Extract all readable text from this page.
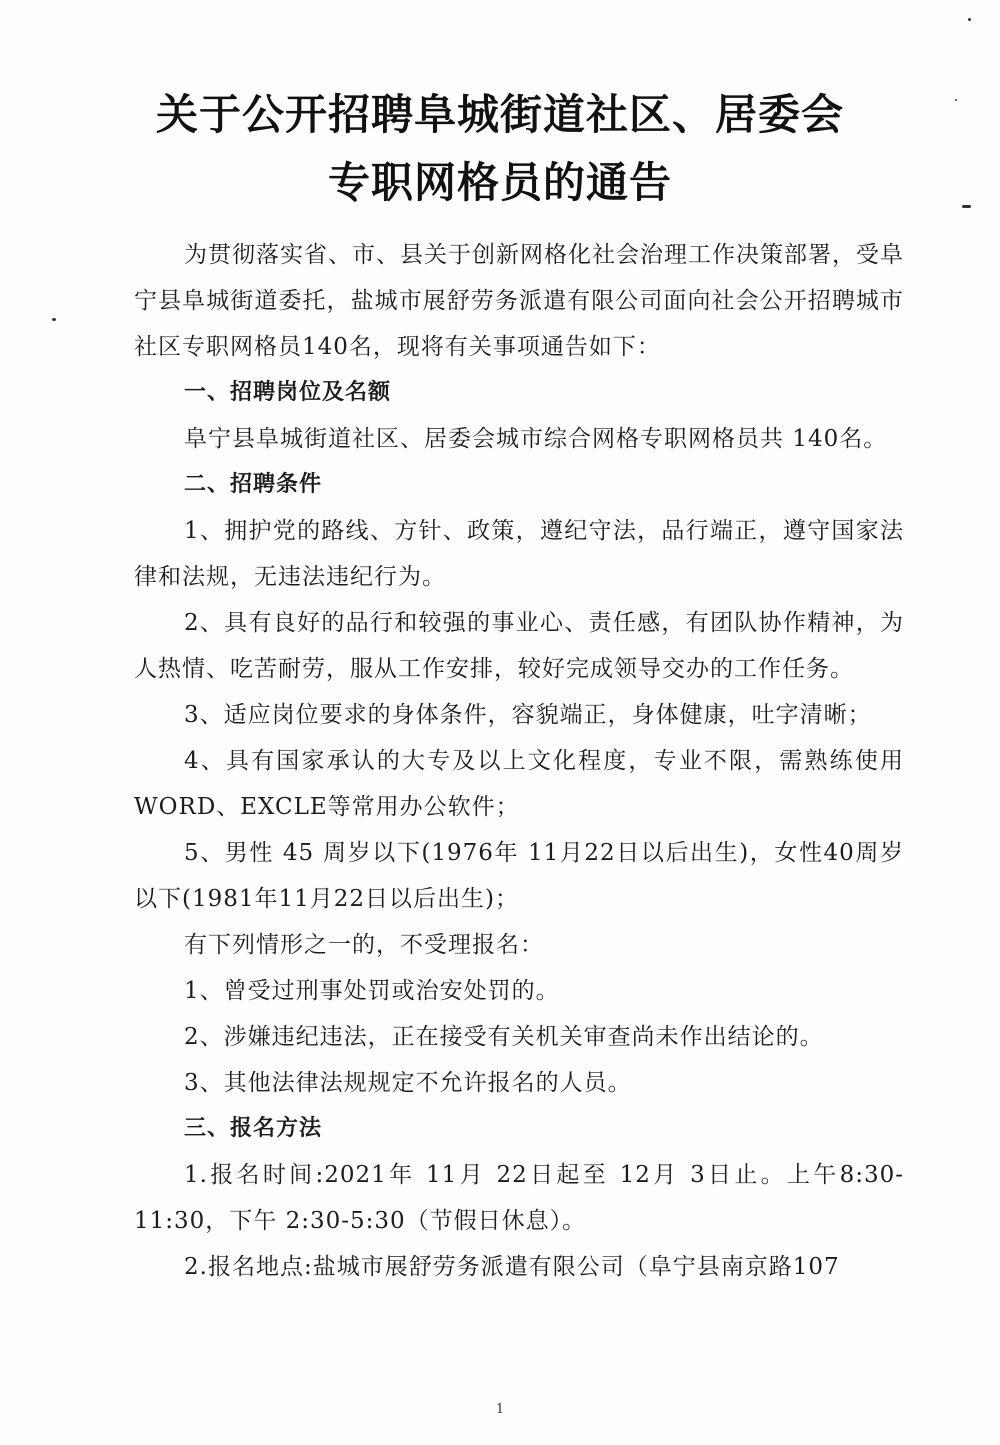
关于公开招聘阜城街道社区、居委会
专职网格员的通告

为贯彻落实省、市、县关于创新网格化社会治理工作决策部署，受阜宁县阜城街道委托，盐城市展舒劳务派遣有限公司面向社会公开招聘城市社区专职网格员140名，现将有关事项通告如下：

一、招聘岗位及名额

阜宁县阜城街道社区、居委会城市综合网格专职网格员共 140名。

二、招聘条件

1、拥护党的路线、方针、政策，遵纪守法，品行端正，遵守国家法律和法规，无违法违纪行为。

2、具有良好的品行和较强的事业心、责任感，有团队协作精神，为人热情、吃苦耐劳，服从工作安排，较好完成领导交办的工作任务。

3、适应岗位要求的身体条件，容貌端正，身体健康，吐字清晰；

4、具有国家承认的大专及以上文化程度，专业不限，需熟练使用WORD、EXCLE等常用办公软件；

5、男性 45 周岁以下(1976年 11月22日以后出生)，女性40周岁以下(1981年11月22日以后出生)；

有下列情形之一的，不受理报名：

1、曾受过刑事处罚或治安处罚的。

2、涉嫌违纪违法，正在接受有关机关审查尚未作出结论的。

3、其他法律法规规定不允许报名的人员。

三、报名方法

1.报名时间:2021年 11月 22日起至 12月 3日止。上午8:30-11:30，下午 2:30-5:30（节假日休息）。

2.报名地点:盐城市展舒劳务派遣有限公司（阜宁县南京路107

1
